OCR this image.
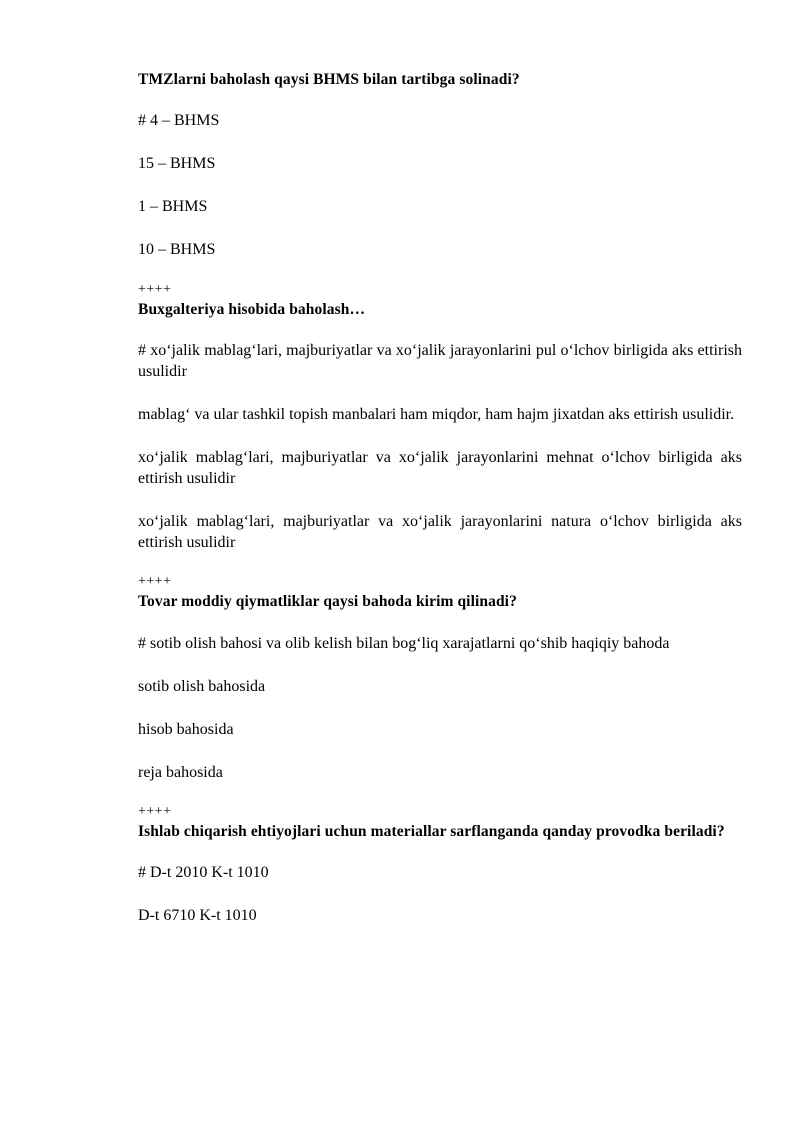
TMZlarni baholash qaysi BHMS bilan tartibga solinadi?

# 4 – BHMS

15 – BHMS

1 – BHMS

10 – BHMS

++++

Buxgalteriya hisobida baholash…

# xoʻjalik mablagʻlari, majburiyatlar va xoʻjalik jarayonlarini pul oʻlchov birligida aks ettirish usulidir

mablagʻ va ular tashkil topish manbalari ham miqdor, ham hajm jixatdan aks ettirish usulidir.

xoʻjalik mablagʻlari, majburiyatlar va xoʻjalik jarayonlarini mehnat oʻlchov birligida aks ettirish usulidir

xoʻjalik mablagʻlari, majburiyatlar va xoʻjalik jarayonlarini natura oʻlchov birligida aks ettirish usulidir

++++

Tovar moddiy qiymatliklar qaysi bahoda kirim qilinadi?

# sotib olish bahosi va olib kelish bilan bogʻliq xarajatlarni qoʻshib haqiqiy bahoda

sotib olish bahosida

hisob bahosida

reja bahosida

++++

Ishlab chiqarish ehtiyojlari uchun materiallar sarflanganda qanday provodka beriladi?

# D-t 2010 K-t 1010

D-t 6710 K-t 1010
